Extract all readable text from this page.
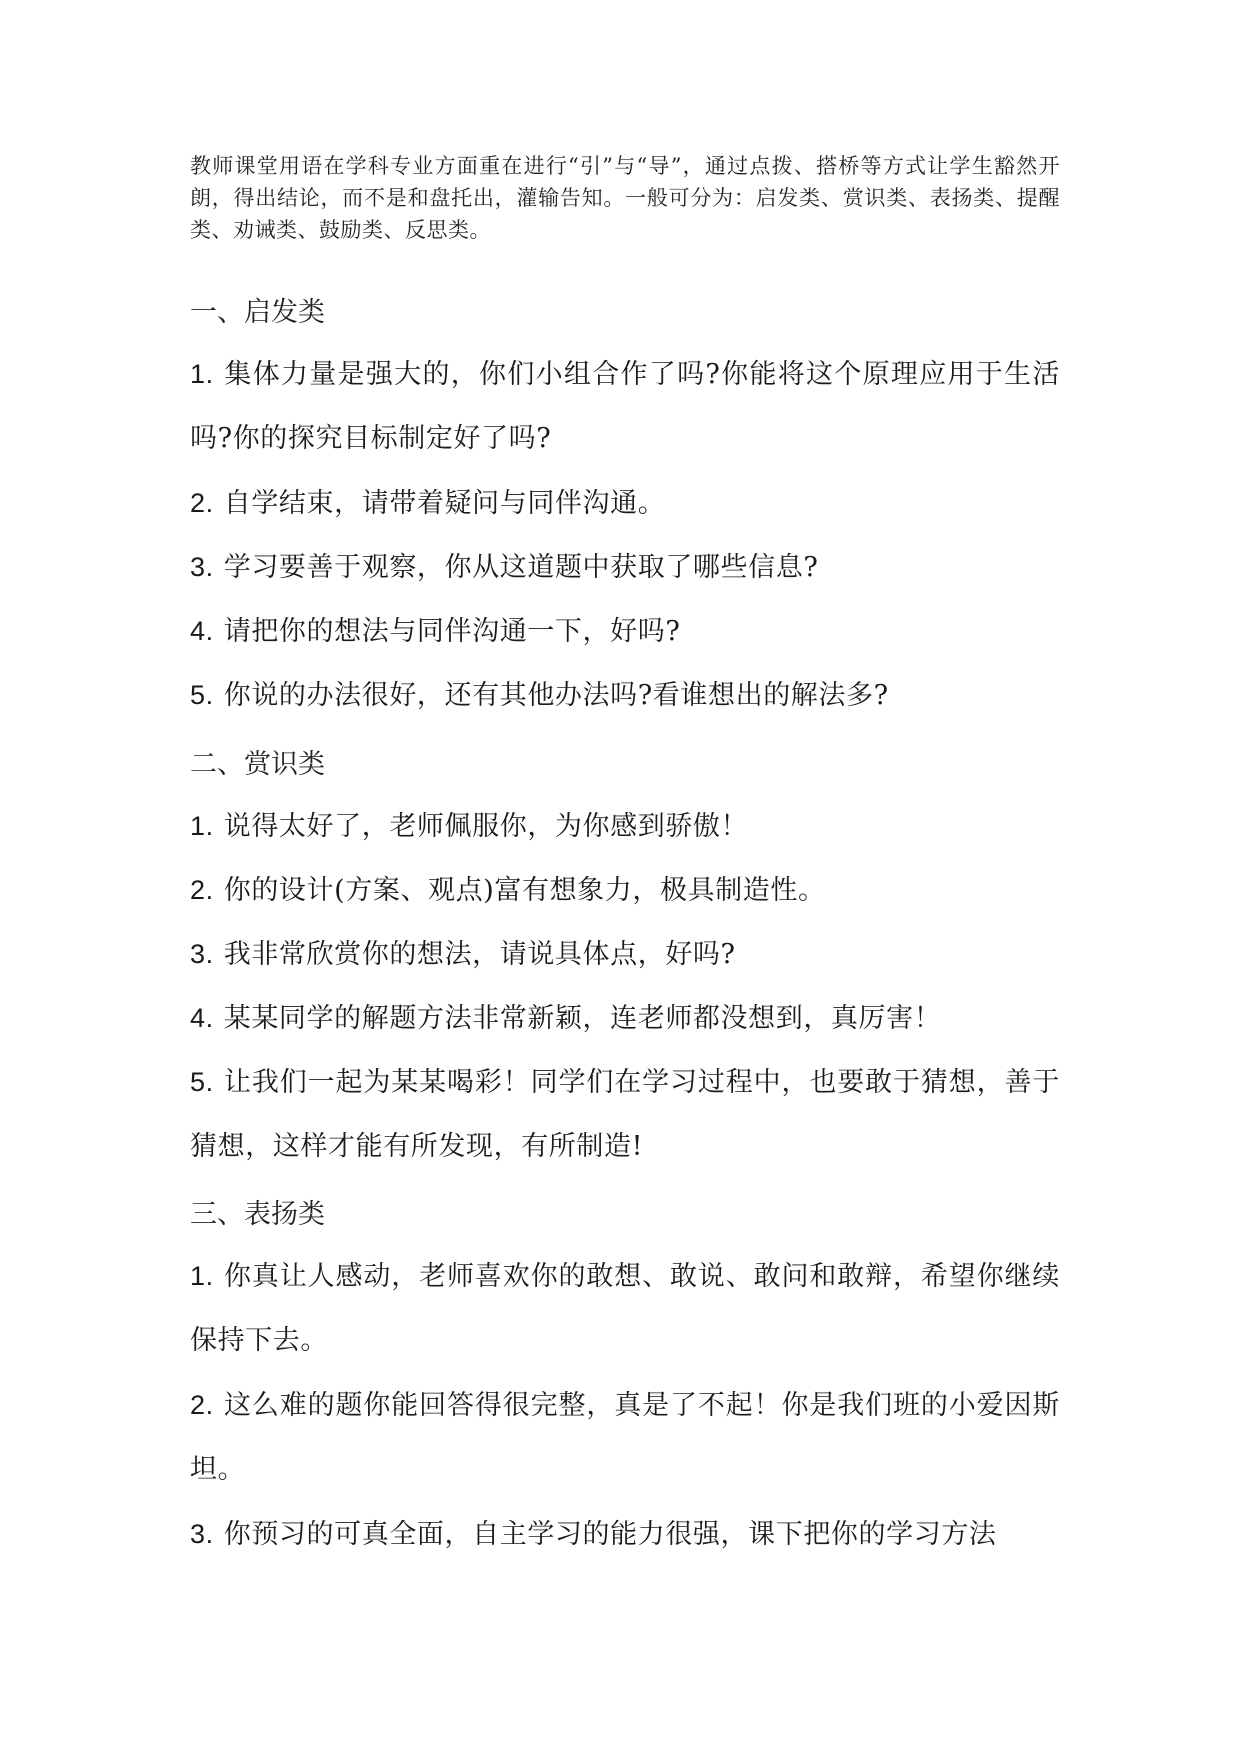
教师课堂用语在学科专业方面重在进行“引”与“导”，通过点拨、搭桥等方式让学生豁然开朗，得出结论，而不是和盘托出，灌输告知。一般可分为：启发类、赏识类、表扬类、提醒类、劝诫类、鼓励类、反思类。

一、启发类
1. 集体力量是强大的，你们小组合作了吗?你能将这个原理应用于生活吗?你的探究目标制定好了吗?
2. 自学结束，请带着疑问与同伴沟通。
3. 学习要善于观察，你从这道题中获取了哪些信息?
4. 请把你的想法与同伴沟通一下，好吗?
5. 你说的办法很好，还有其他办法吗?看谁想出的解法多?
二、赏识类
1. 说得太好了，老师佩服你，为你感到骄傲！
2. 你的设计(方案、观点)富有想象力，极具制造性。
3. 我非常欣赏你的想法，请说具体点，好吗?
4. 某某同学的解题方法非常新颖，连老师都没想到，真厉害！
5. 让我们一起为某某喝彩！同学们在学习过程中，也要敢于猜想，善于猜想，这样才能有所发现，有所制造!
三、表扬类
1. 你真让人感动，老师喜欢你的敢想、敢说、敢问和敢辩，希望你继续保持下去。
2. 这么难的题你能回答得很完整，真是了不起！你是我们班的小爱因斯坦。
3. 你预习的可真全面，自主学习的能力很强，课下把你的学习方法
